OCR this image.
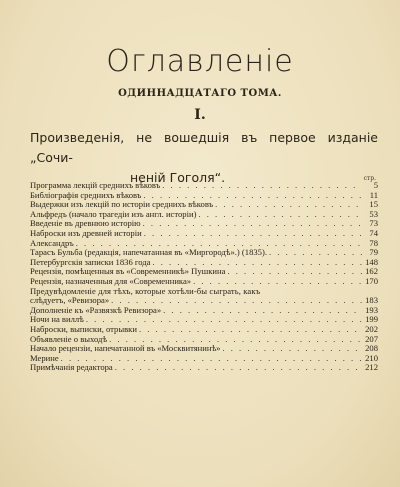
Оглавленіе
ОДИННАДЦАТАГО ТОМА.
I.
Произведенія, не вошедшія въ первое изданіе „Сочи-
неній Гоголя“.	стр.
Программа лекцій среднихъ вѣковъ . . .	5
Библіографія среднихъ вѣковъ . . .	11
Выдержки изъ лекцій по исторіи среднихъ вѣковъ . . .	15
Альфредъ (начало трагедіи изъ англ. исторіи) . . .	53
Введеніе въ древнюю исторію . . .	73
Наброски изъ древней исторіи . . .	74
Александръ . . .	78
Тарасъ Бульба (редакція, напечатанная въ «Миргородѣ».) (1835). . . .	79
Петербургскія записки 1836 года . . .	148
Рецензія, помѣщенныя въ «Современникѣ» Пушкина . . .	162
Рецензія, назначенныя для «Современника» . . .	170
Предувѣдомленіе для тѣхъ, которые хотѣли-бы сыграть, какъ
слѣдуетъ, «Ревизора» . . .	183
Дополненіе къ «Развязкѣ Ревизора» . . .	193
Ночи на виллѣ . . .	199
Наброски, выписки, отрывки . . .	202
Объявленіе о выходѣ . . .	207
Начало рецензіи, напечатанной въ «Москвитянинѣ» . . .	208
Мерине . . .	210
Примѣчанія редактора . . .	212
